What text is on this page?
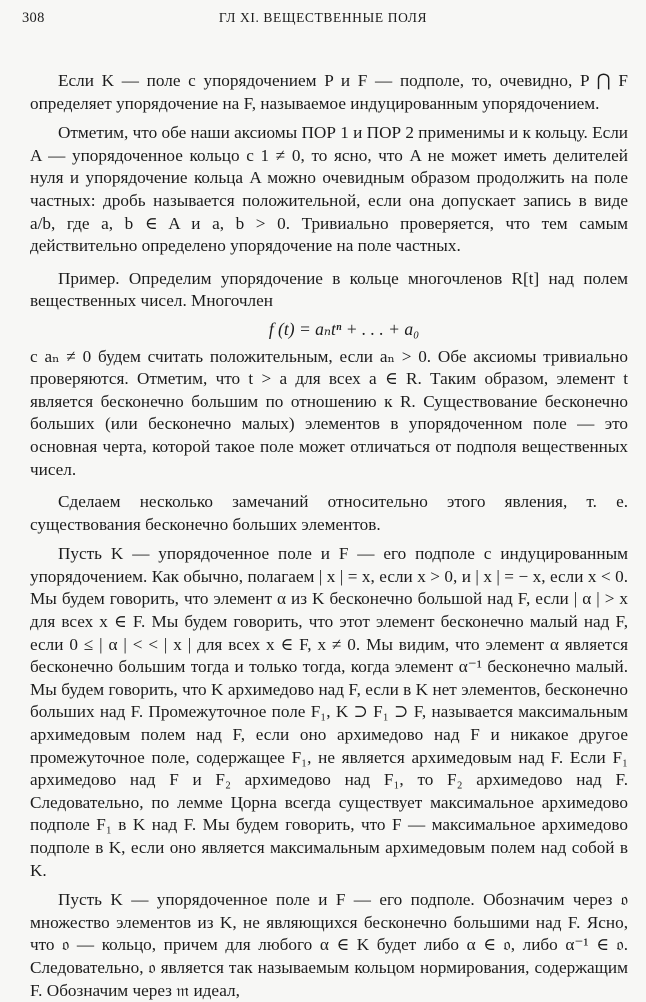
308	ГЛ XI. ВЕЩЕСТВЕННЫЕ ПОЛЯ

Если K — поле с упорядочением P и F — подполе, то, очевидно, P ⋂ F определяет упорядочение на F, называемое индуцированным упорядочением.

Отметим, что обе наши аксиомы ПОР 1 и ПОР 2 применимы и к кольцу. Если A — упорядоченное кольцо с 1 ≠ 0, то ясно, что A не может иметь делителей нуля и упорядочение кольца A можно очевидным образом продолжить на поле частных: дробь называется положительной, если она допускает запись в виде a/b, где a, b ∈ A и a, b > 0. Тривиально проверяется, что тем самым действительно определено упорядочение на поле частных.

Пример. Определим упорядочение в кольце многочленов R[t] над полем вещественных чисел. Многочлен

f (t) = aₙtⁿ + . . . + a₀

с aₙ ≠ 0 будем считать положительным, если aₙ > 0. Обе аксиомы тривиально проверяются. Отметим, что t > a для всех a ∈ R. Таким образом, элемент t является бесконечно большим по отношению к R. Существование бесконечно больших (или бесконечно малых) элементов в упорядоченном поле — это основная черта, которой такое поле может отличаться от подполя вещественных чисел.

Сделаем несколько замечаний относительно этого явления, т. е. существования бесконечно больших элементов.

Пусть K — упорядоченное поле и F — его подполе с индуцированным упорядочением. Как обычно, полагаем | x | = x, если x > 0, и | x | = − x, если x < 0. Мы будем говорить, что элемент α из K бесконечно большой над F, если | α | > x для всех x ∈ F. Мы будем говорить, что этот элемент бесконечно малый над F, если 0 ≤ | α | < < | x | для всех x ∈ F, x ≠ 0. Мы видим, что элемент α является бесконечно большим тогда и только тогда, когда элемент α⁻¹ бесконечно малый. Мы будем говорить, что K архимедово над F, если в K нет элементов, бесконечно больших над F. Промежуточное поле F₁, K ⊃ F₁ ⊃ F, называется максимальным архимедовым полем над F, если оно архимедово над F и никакое другое промежуточное поле, содержащее F₁, не является архимедовым над F. Если F₁ архимедово над F и F₂ архимедово над F₁, то F₂ архимедово над F. Следовательно, по лемме Цорна всегда существует максимальное архимедово подполе F₁ в K над F. Мы будем говорить, что F — максимальное архимедово подполе в K, если оно является максимальным архимедовым полем над собой в K.

Пусть K — упорядоченное поле и F — его подполе. Обозначим через 𝔬 множество элементов из K, не являющихся бесконечно большими над F. Ясно, что 𝔬 — кольцо, причем для любого α ∈ K будет либо α ∈ 𝔬, либо α⁻¹ ∈ 𝔬. Следовательно, 𝔬 является так называемым кольцом нормирования, содержащим F. Обозначим через 𝔪 идеал,
